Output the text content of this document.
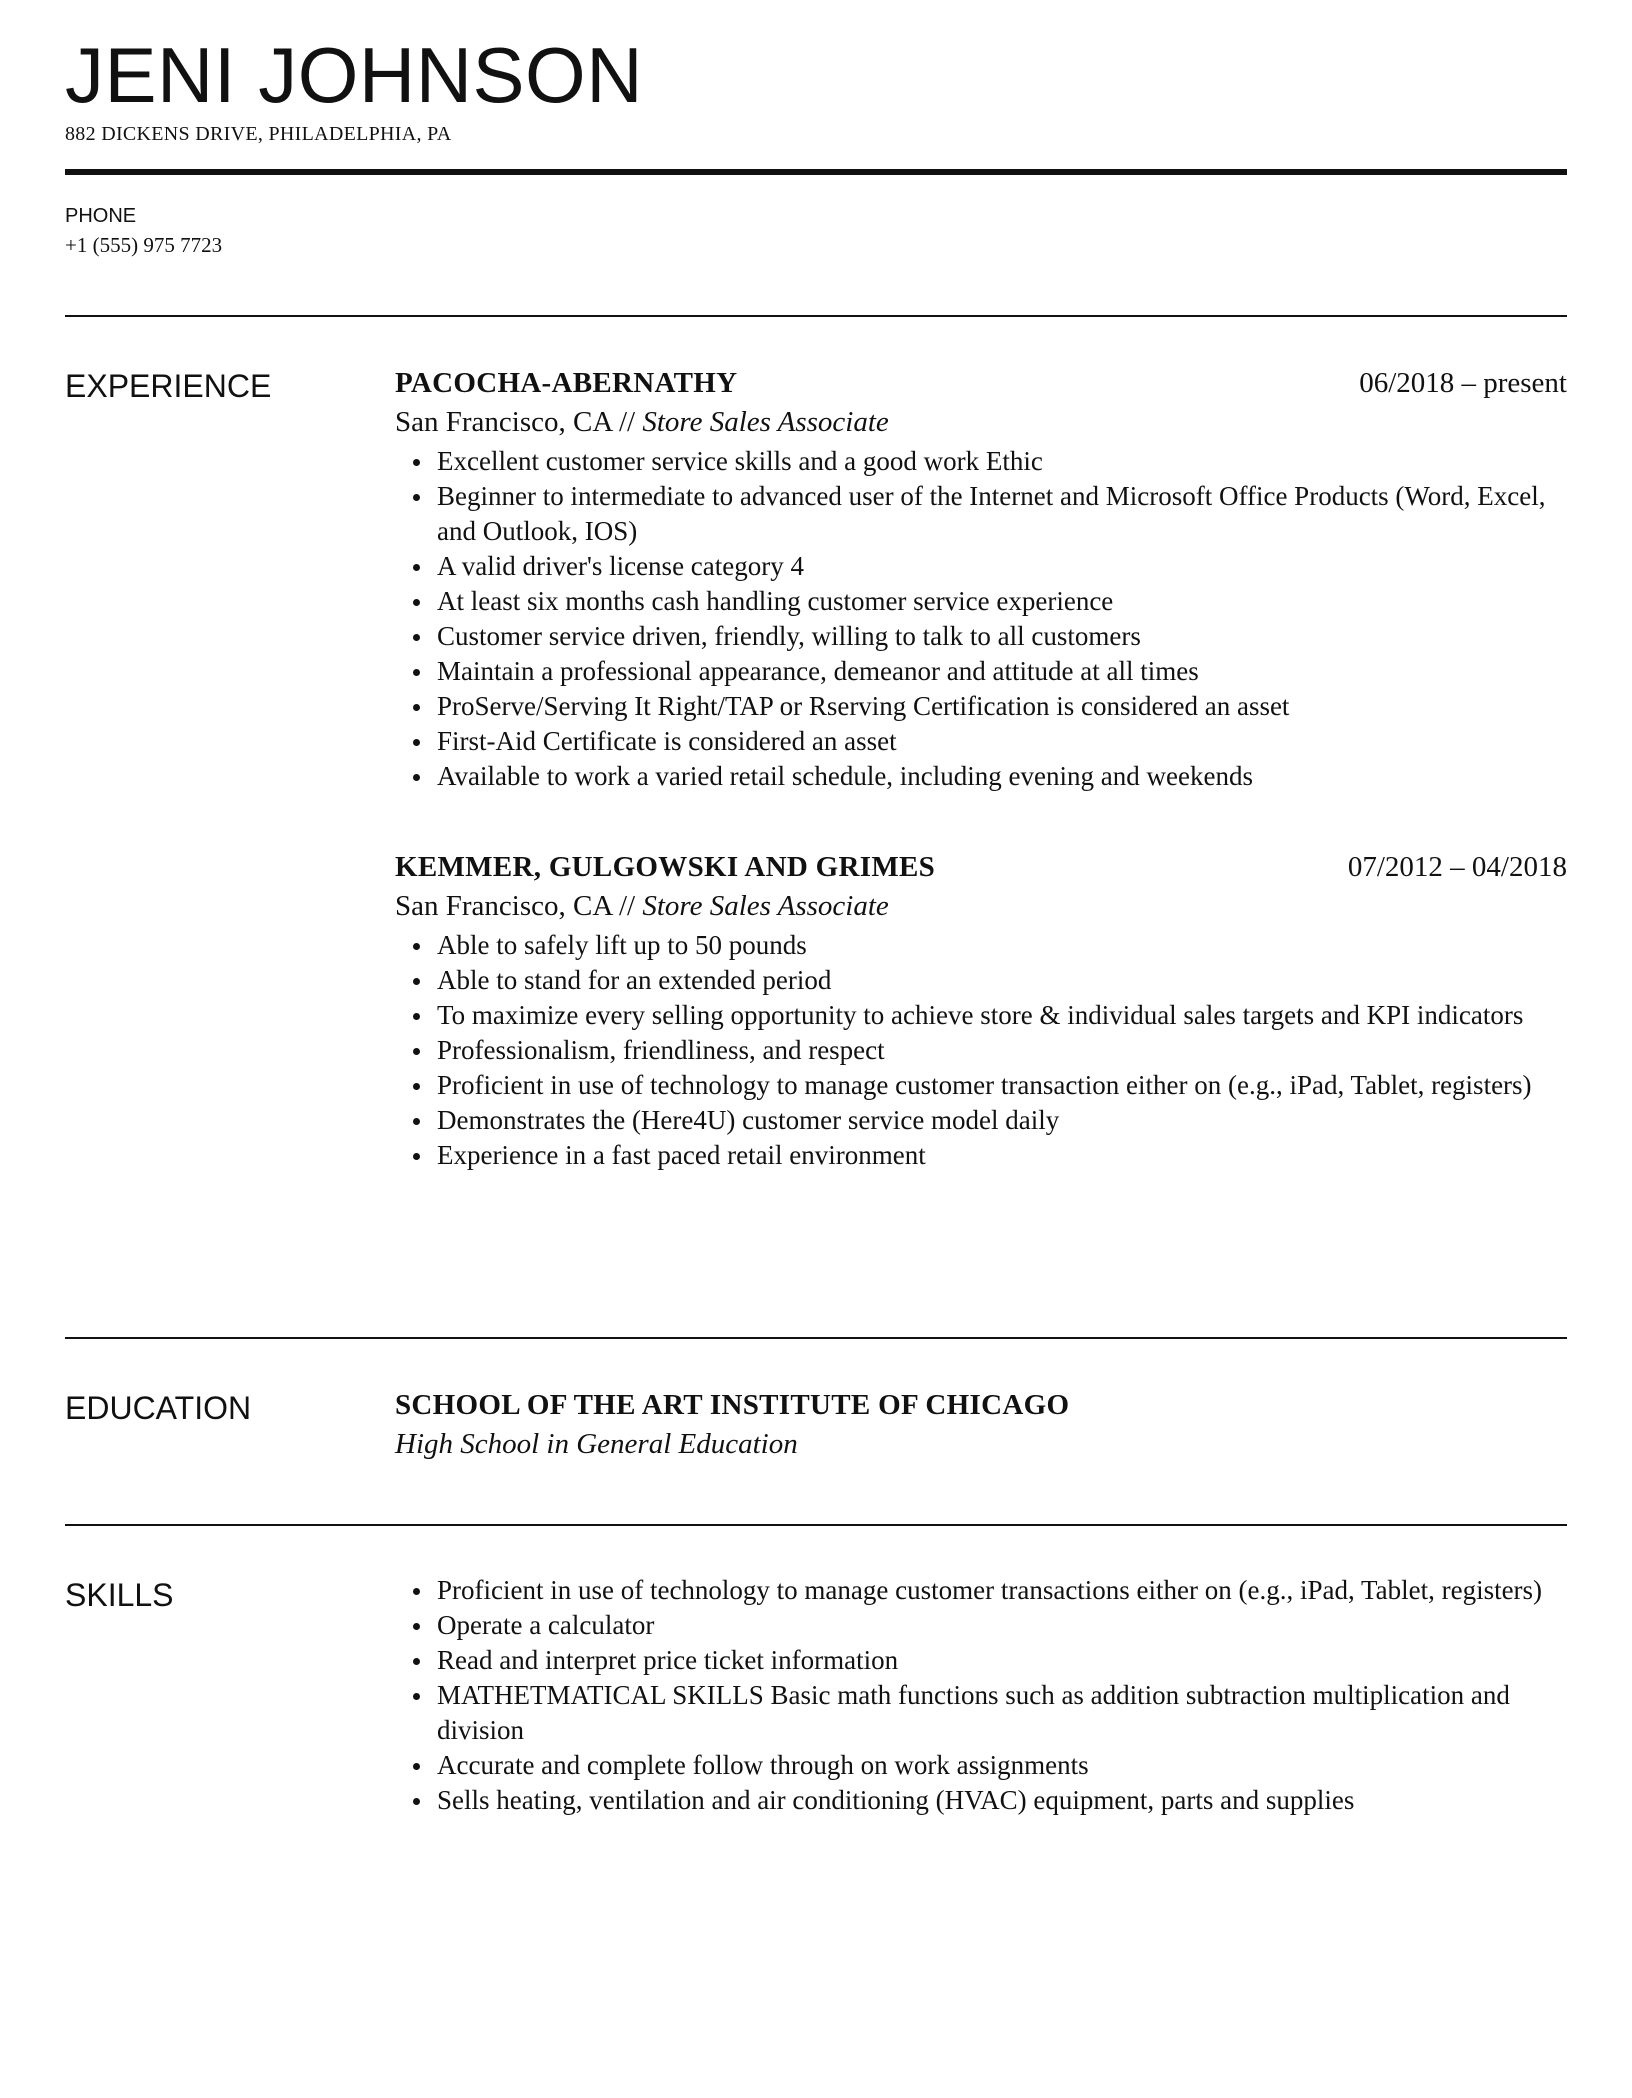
JENI JOHNSON
882 DICKENS DRIVE, PHILADELPHIA, PA
PHONE
+1 (555) 975 7723
EXPERIENCE	PACOCHA-ABERNATHY	06/2018 – present
San Francisco, CA // Store Sales Associate
Excellent customer service skills and a good work Ethic
Beginner to intermediate to advanced user of the Internet and Microsoft Office Products (Word, Excel, and Outlook, IOS)
A valid driver's license category 4
At least six months cash handling customer service experience
Customer service driven, friendly, willing to talk to all customers
Maintain a professional appearance, demeanor and attitude at all times
ProServe/Serving It Right/TAP or Rserving Certification is considered an asset
First-Aid Certificate is considered an asset
Available to work a varied retail schedule, including evening and weekends
KEMMER, GULGOWSKI AND GRIMES	07/2012 – 04/2018
San Francisco, CA // Store Sales Associate
Able to safely lift up to 50 pounds
Able to stand for an extended period
To maximize every selling opportunity to achieve store & individual sales targets and KPI indicators
Professionalism, friendliness, and respect
Proficient in use of technology to manage customer transaction either on (e.g., iPad, Tablet, registers)
Demonstrates the (Here4U) customer service model daily
Experience in a fast paced retail environment
EDUCATION	SCHOOL OF THE ART INSTITUTE OF CHICAGO
High School in General Education
SKILLS	Proficient in use of technology to manage customer transactions either on (e.g., iPad, Tablet, registers)
Operate a calculator
Read and interpret price ticket information
MATHETMATICAL SKILLS Basic math functions such as addition subtraction multiplication and division
Accurate and complete follow through on work assignments
Sells heating, ventilation and air conditioning (HVAC) equipment, parts and supplies
